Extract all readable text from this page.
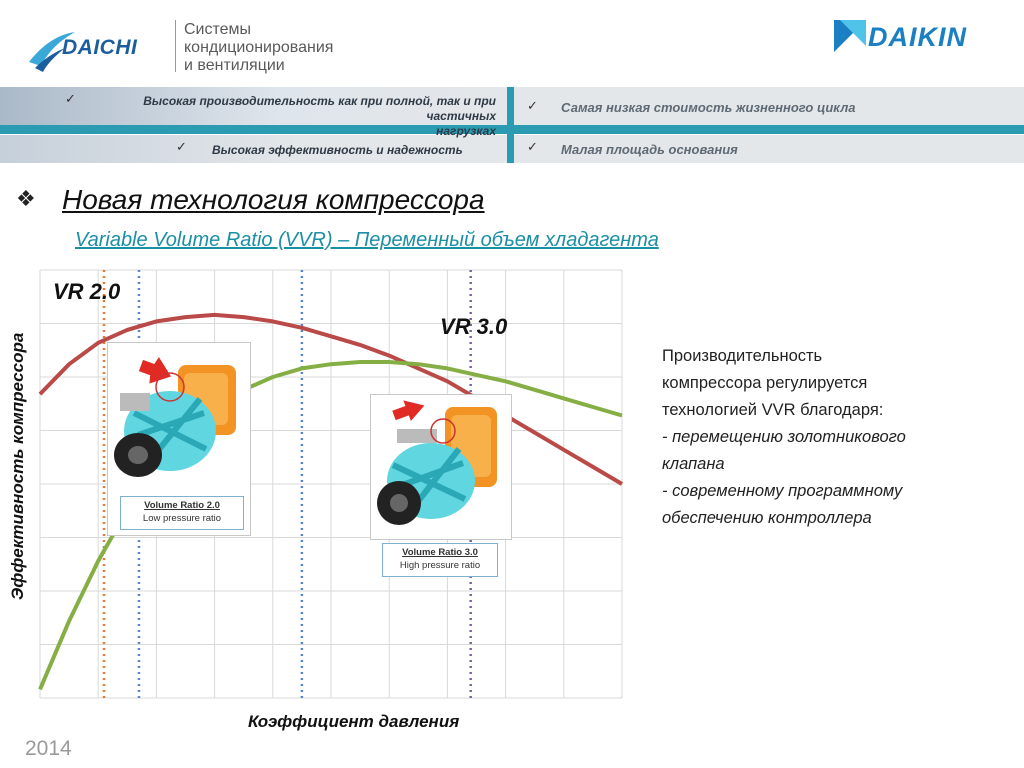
DAICHI
Системы
кондиционирования
и вентиляции
DAIKIN
✓	Высокая производительность как при полной, так и при частичных
нагрузках
✓ Самая низкая стоимость жизненного цикла
✓ Высокая эффективность и надежность	✓ Малая площадь основания
❖ Новая технология компрессора
Variable Volume Ratio (VVR) – Переменный объем хладагента
VR 2.0
VR 3.0
Эффективность компрессора
Коэффициент давления
Volume Ratio 2.0
Low pressure ratio
Volume Ratio 3.0
High pressure ratio
Производительность
компрессора регулируется
технологией VVR благодаря:
- перемещению золотникового
клапана
- современному программному
обеспечению контроллера
2014
